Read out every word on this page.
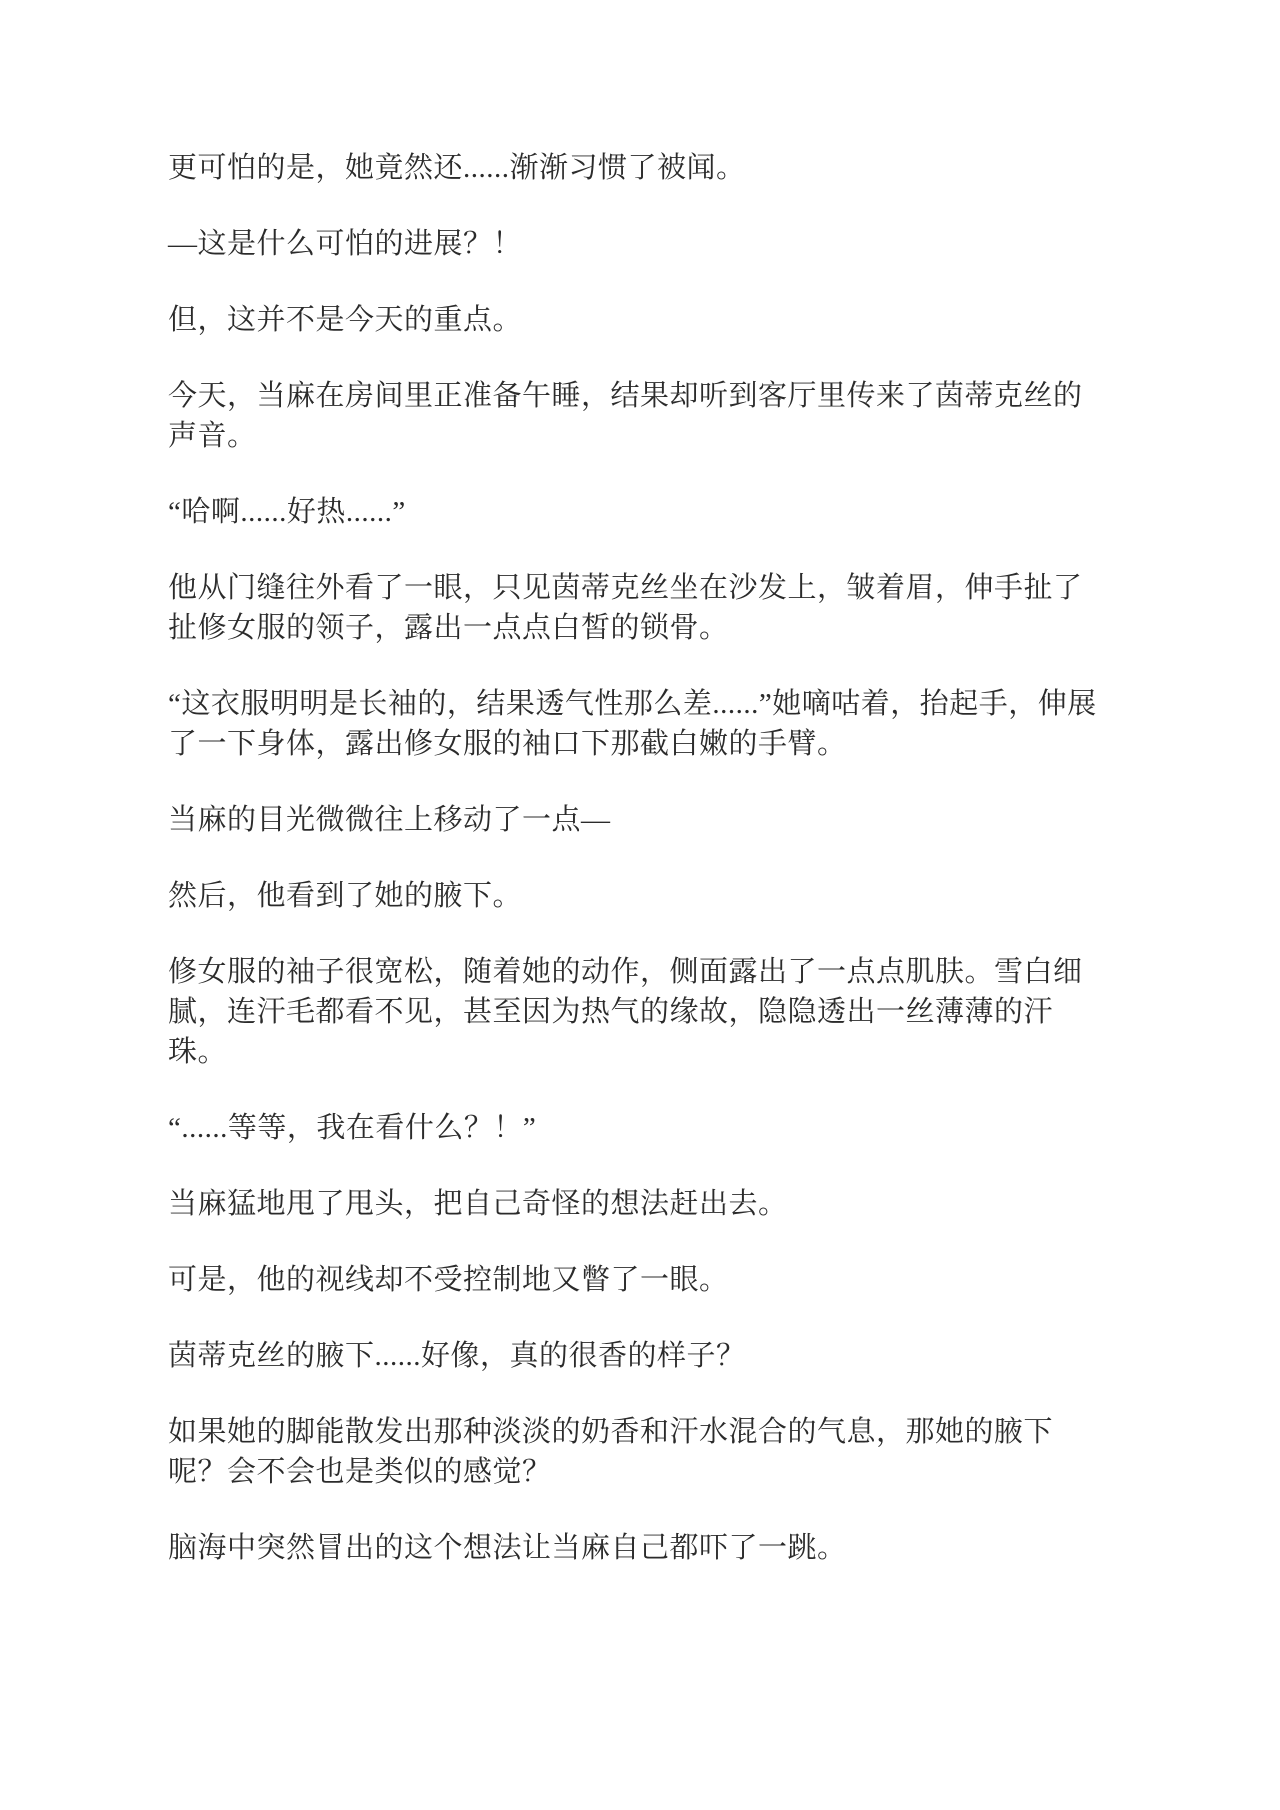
更可怕的是，她竟然还......渐渐习惯了被闻。
—这是什么可怕的进展？！
但，这并不是今天的重点。
今天，当麻在房间里正准备午睡，结果却听到客厅里传来了茵蒂克丝的
声音。
“哈啊......好热......”
他从门缝往外看了一眼，只见茵蒂克丝坐在沙发上，皱着眉，伸手扯了
扯修女服的领子，露出一点点白皙的锁骨。
“这衣服明明是长袖的，结果透气性那么差......”她嘀咕着，抬起手，伸展
了一下身体，露出修女服的袖口下那截白嫩的手臂。
当麻的目光微微往上移动了一点—
然后，他看到了她的腋下。
修女服的袖子很宽松，随着她的动作，侧面露出了一点点肌肤。雪白细
腻，连汗毛都看不见，甚至因为热气的缘故，隐隐透出一丝薄薄的汗
珠。
“......等等，我在看什么？！”
当麻猛地甩了甩头，把自己奇怪的想法赶出去。
可是，他的视线却不受控制地又瞥了一眼。
茵蒂克丝的腋下......好像，真的很香的样子？
如果她的脚能散发出那种淡淡的奶香和汗水混合的气息，那她的腋下
呢？会不会也是类似的感觉？
脑海中突然冒出的这个想法让当麻自己都吓了一跳。
